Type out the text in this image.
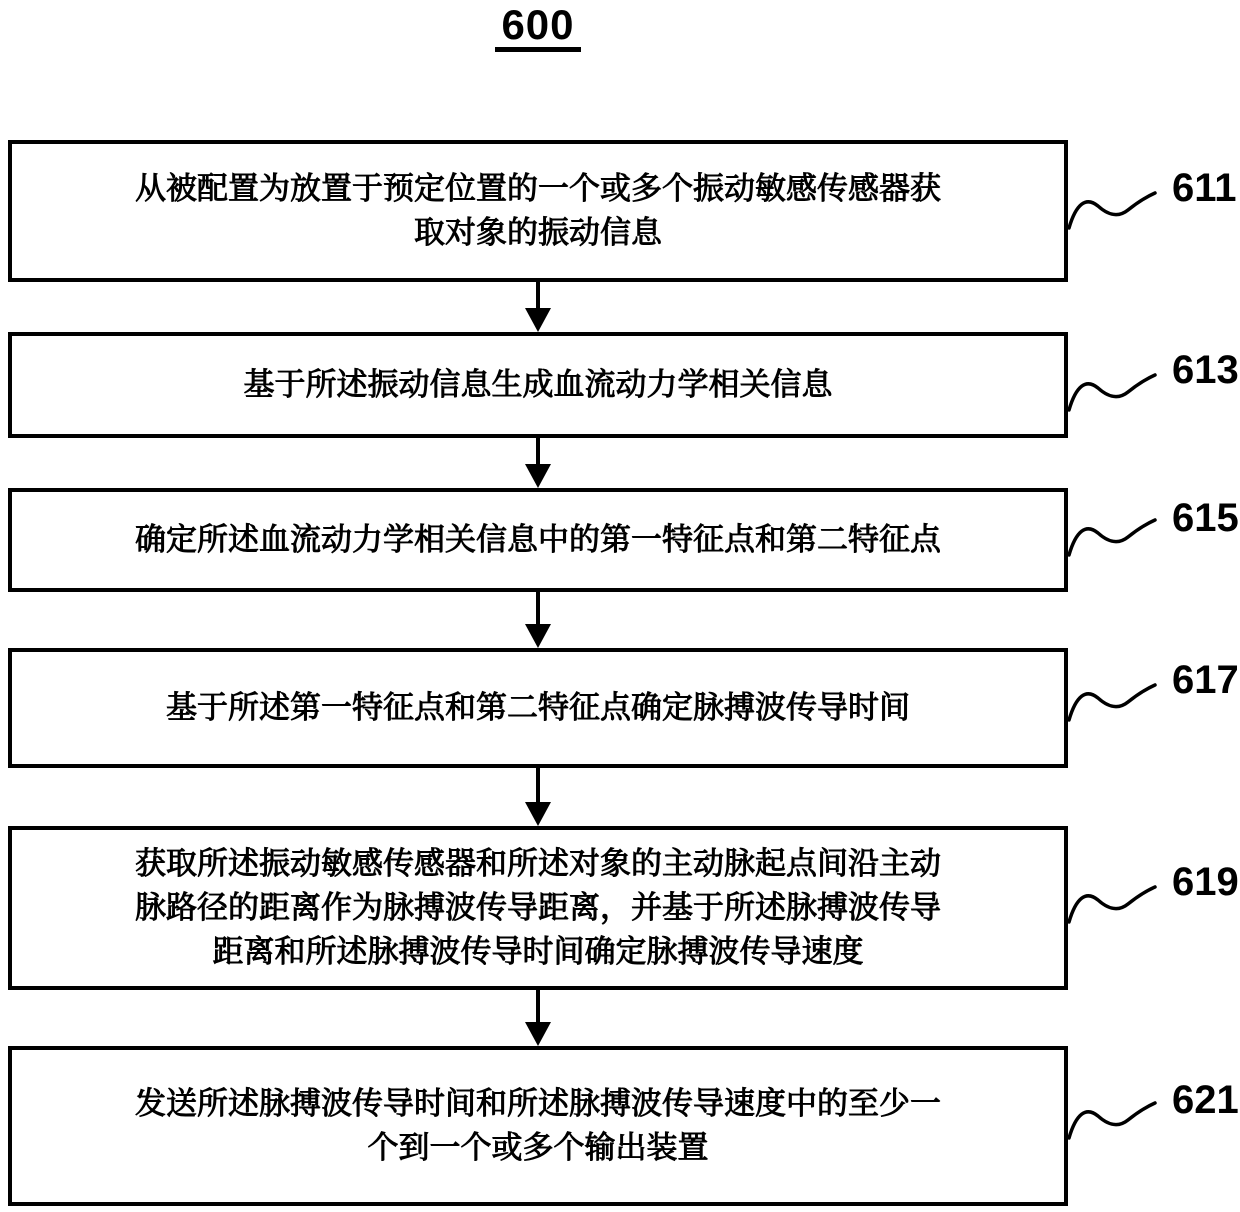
600
从被配置为放置于预定位置的一个或多个振动敏感传感器获
取对象的振动信息
611
基于所述振动信息生成血流动力学相关信息	613
确定所述血流动力学相关信息中的第一特征点和第二特征点	615
基于所述第一特征点和第二特征点确定脉搏波传导时间
617
获取所述振动敏感传感器和所述对象的主动脉起点间沿主动
脉路径的距离作为脉搏波传导距离，并基于所述脉搏波传导
距离和所述脉搏波传导时间确定脉搏波传导速度
619
发送所述脉搏波传导时间和所述脉搏波传导速度中的至少一
个到一个或多个输出装置
621
